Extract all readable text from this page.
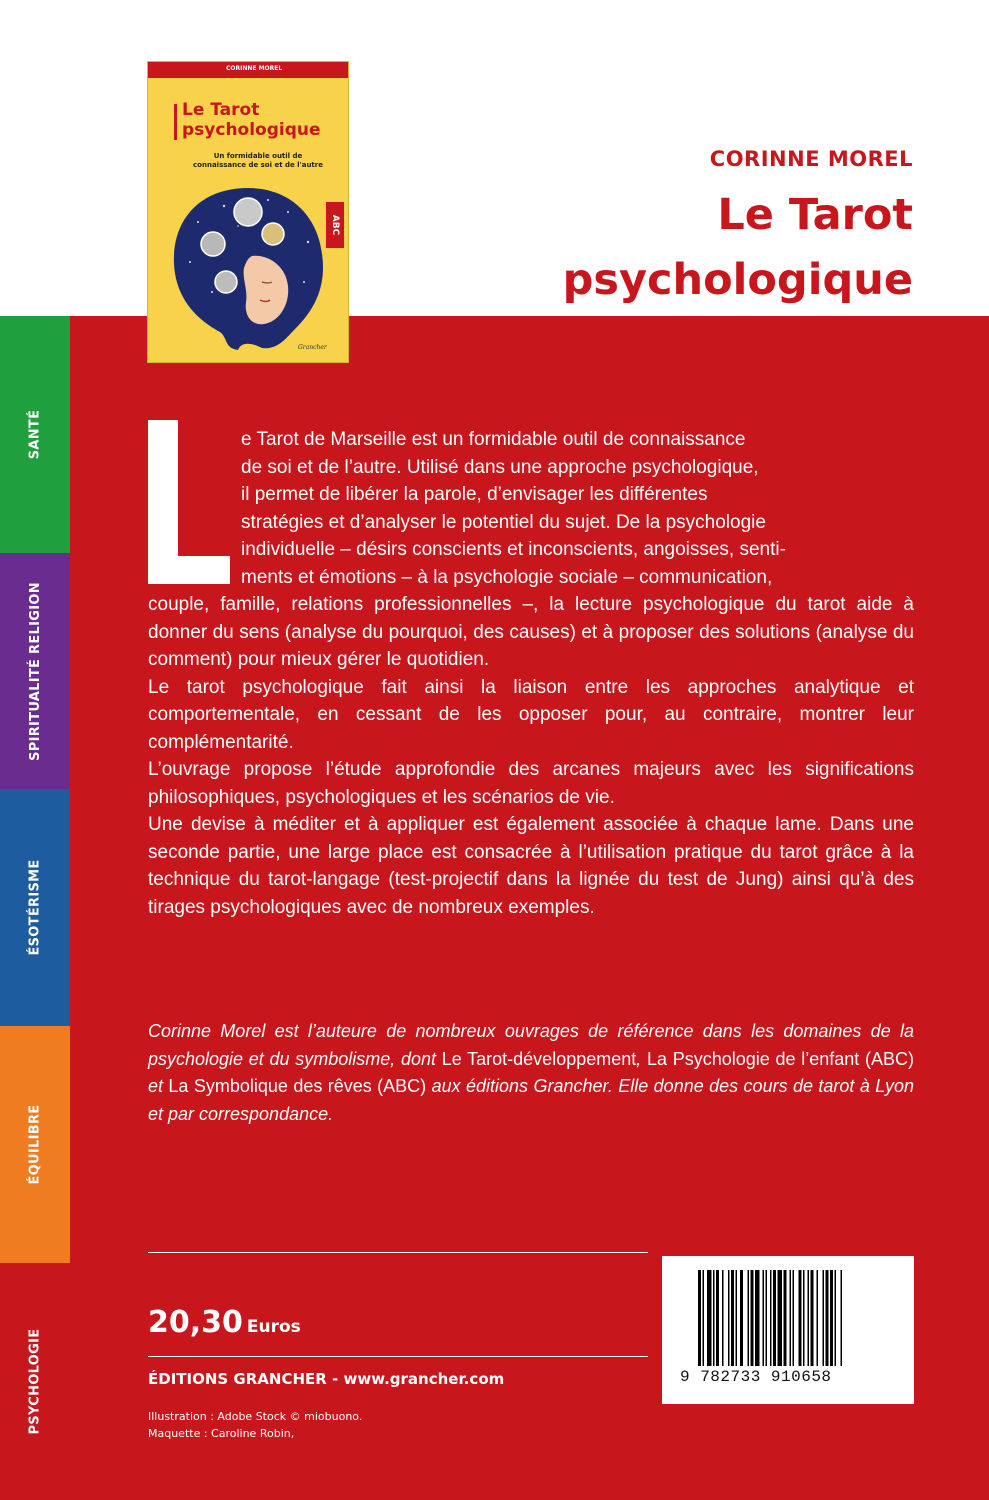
SANTÉ
SPIRITUALITÉ RELIGION
ÉSOTÉRISME
ÉQUILIBRE
PSYCHOLOGIE
CORINNE MOREL
Le Tarot
psychologique
Un formidable outil de connaissance de soi et de l'autre
ABC
Grancher
CORINNE MOREL
Le Tarot
psychologique

e Tarot de Marseille est un formidable outil de connaissance

de soi et de l’autre. Utilisé dans une approche psychologique,

il permet de libérer la parole, d’envisager les différentes

stratégies et d’analyser le potentiel du sujet. De la psychologie

individuelle – désirs conscients et inconscients, angoisses, senti-

ments et émotions – à la psychologie sociale – communication,

couple, famille, relations professionnelles –, la lecture psychologique du tarot aide à donner du sens (analyse du pourquoi, des causes) et à proposer des solutions (analyse du comment) pour mieux gérer le quotidien.

Le tarot psychologique fait ainsi la liaison entre les approches analytique et comportementale, en cessant de les opposer pour, au contraire, montrer leur complémentarité.

L’ouvrage propose l’étude approfondie des arcanes majeurs avec les significations philosophiques, psychologiques et les scénarios de vie.

Une devise à méditer et à appliquer est également associée à chaque lame. Dans une seconde partie, une large place est consacrée à l’utilisation pratique du tarot grâce à la technique du tarot-langage (test-projectif dans la lignée du test de Jung) ainsi qu’à des tirages psychologiques avec de nombreux exemples.

Corinne Morel est l’auteure de nombreux ouvrages de référence dans les domaines de la psychologie et du symbolisme, dont Le Tarot-développement, La Psychologie de l’enfant (ABC) et La Symbolique des rêves (ABC) aux éditions Grancher. Elle donne des cours de tarot à Lyon et par correspondance.
20,30 Euros
ÉDITIONS GRANCHER - www.grancher.com
Illustration : Adobe Stock © miobuono.
Maquette : Caroline Robin,
9 782733 910658
